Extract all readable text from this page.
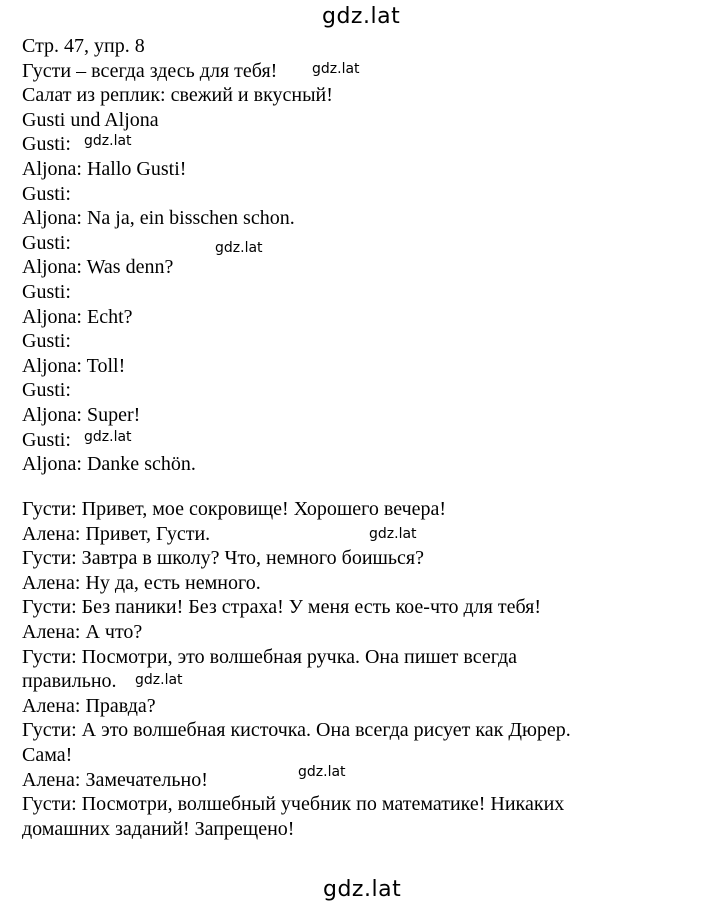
gdz.lat
gdz.lat
gdz.lat
gdz.lat
gdz.lat
gdz.lat
gdz.lat
gdz.lat
gdz.lat
Стр. 47, упр. 8
Густи – всегда здесь для тебя!
Салат из реплик: свежий и вкусный!
Gusti und Aljona
Gusti:
Aljona: Hallo Gusti!
Gusti:
Aljona: Na ja, ein bisschen schon.
Gusti:
Aljona: Was denn?
Gusti:
Aljona: Echt?
Gusti:
Aljona: Toll!
Gusti:
Aljona: Super!
Gusti:
Aljona: Danke schön.
Густи: Привет, мое сокровище! Хорошего вечера!
Алена: Привет, Густи.
Густи: Завтра в школу? Что, немного боишься?
Алена: Ну да, есть немного.
Густи: Без паники! Без страха! У меня есть кое-что для тебя!
Алена: А что?
Густи: Посмотри, это волшебная ручка. Она пишет всегда
правильно.
Алена: Правда?
Густи: А это волшебная кисточка. Она всегда рисует как Дюрер.
Сама!
Алена: Замечательно!
Густи: Посмотри, волшебный учебник по математике! Никаких
домашних заданий! Запрещено!
